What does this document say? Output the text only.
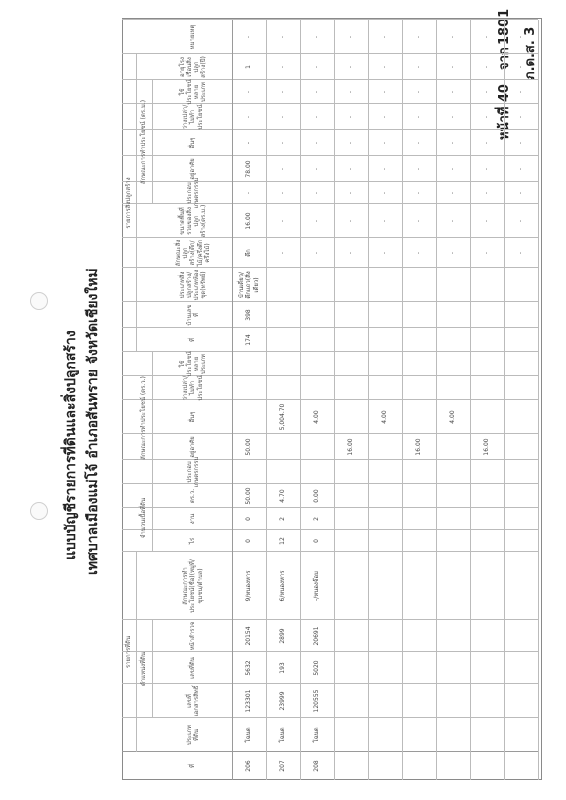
แบบบัญชีรายการที่ดินและสิ่งปลูกสร้าง เทศบาลเมืองแม่โจ้ อำเภอสันทราย จังหวัดเชียงใหม่
ภ.ด.ส. 3
หน้าที่ 40
จาก
1801
รายการที่ดิน ตำแหน่งที่ดิน
จำนวนเนื้อที่ดิน
ลักษณะการทำประโยชน์ (ตร.ว.)
รายการสิ่งปลูกสร้าง
ลักษณะการทำประโยชน์ (ตร.ม.)
ที่
ประเภทที่ดิน
เลขที่เอกสารสิทธิ์
เลขที่ดิน
หน้าสำรวจ
ลักษณะการทำประโยชน์(ชื่อ)(หมู่ที่/ชุมชน/ตำบล)
ไร่
งาน
ตร.ว.
ประกอบเกษตรกรรม
อยู่อาศัย
อื่นๆ
ว่างเปล่า/ไม่ทำประโยชน์
ใช้ประโยชน์หลายประเภท
ที่
บ้านเลขที่
ประเภทสิ่งปลูกสร้าง/ประเภทห้องชุด(ทรัพย์)
ลักษณะสิ่งปลูกสร้าง(ตึก/ไม้/ครึ่งตึกครึ่งไม้)
ขนาดพื้นที่รวมของสิ่งปลูกสร้าง(ตร.ม.)
ประกอบเกษตรกรรม
อยู่อาศัย
อื่นๆ
ว่างเปล่า/ไม่ทำประโยชน์
ใช้ประโยชน์หลายประเภท
อายุโรงเรือนสิ่งปลูกสร้าง(ปี)
หมายเหตุ
206
โฉนด
123301
5632
20154
9/หนองหาร
0
0
50.00
50.00
207
โฉนด
23999
193
2899
6/หนองหาร
12
2
4.70
5,004.70
208
โฉนด
120555
5020
20691
-/หนองจ๊อม
0
2
0.00
4.00
16.00
4.00
16.00
4.00
16.00
174
398
บ้านเดี่ยว/ตึกแถว(สิ่งเดียว)
ตึก
16.00
78.00
-
1
-
-
-
-
-
-
-
-
-
-
-
-
-
-
-
-
-
-
-
-
-
-
-
-
-
-
-
-
-
-
-
-
-
-
-
-
-
-
-
-
-
-
-
-
-
-
-
-
-
-
-
-
-
-
-
-
-
-
-
-
-
-
-
-
-
-
-
-
-
-
-
-
-
-
-
-
